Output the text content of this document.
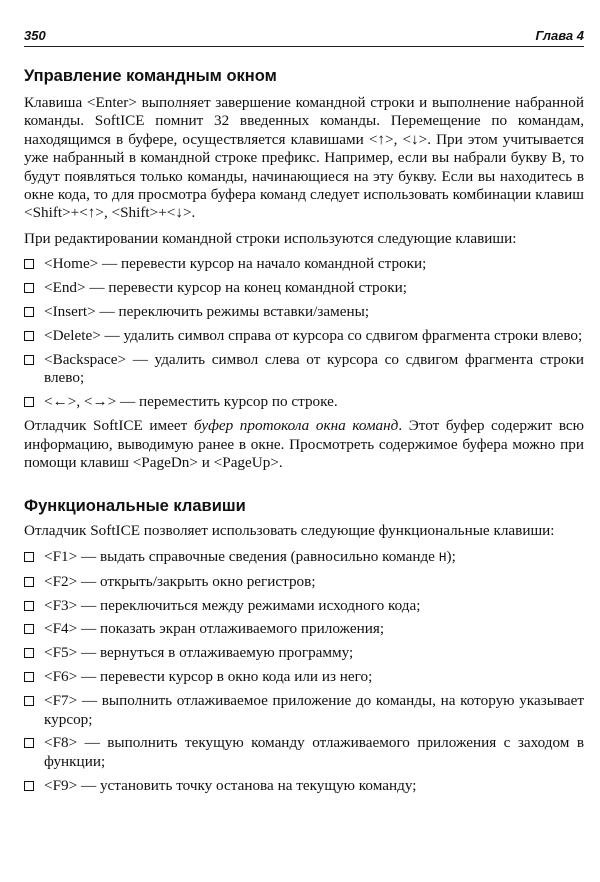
350	Глава 4
Управление командным окном

Клавиша <Enter> выполняет завершение командной строки и выполнение набранной команды. SoftICE помнит 32 введенных команды. Перемещение по командам, находящимся в буфере, осуществляется клавишами <↑>, <↓>. При этом учитывается уже набранный в командной строке префикс. Например, если вы набрали букву B, то будут появляться только команды, начинающиеся на эту букву. Если вы находитесь в окне кода, то для просмотра буфера команд следует использовать комбинации клавиш <Shift>+<↑>, <Shift>+<↓>.

При редактировании командной строки используются следующие клавиши:

<Home> — перевести курсор на начало командной строки;
<End> — перевести курсор на конец командной строки;
<Insert> — переключить режимы вставки/замены;
<Delete> — удалить символ справа от курсора со сдвигом фрагмента строки влево;
<Backspace> — удалить символ слева от курсора со сдвигом фрагмента строки влево;
<←>, <→> — переместить курсор по строке.

Отладчик SoftICE имеет буфер протокола окна команд. Этот буфер содержит всю информацию, выводимую ранее в окне. Просмотреть содержимое буфера можно при помощи клавиш <PageDn> и <PageUp>.

Функциональные клавиши

Отладчик SoftICE позволяет использовать следующие функциональные клавиши:

<F1> — выдать справочные сведения (равносильно команде H);
<F2> — открыть/закрыть окно регистров;
<F3> — переключиться между режимами исходного кода;
<F4> — показать экран отлаживаемого приложения;
<F5> — вернуться в отлаживаемую программу;
<F6> — перевести курсор в окно кода или из него;
<F7> — выполнить отлаживаемое приложение до команды, на которую указывает курсор;
<F8> — выполнить текущую команду отлаживаемого приложения с заходом в функции;
<F9> — установить точку останова на текущую команду;
